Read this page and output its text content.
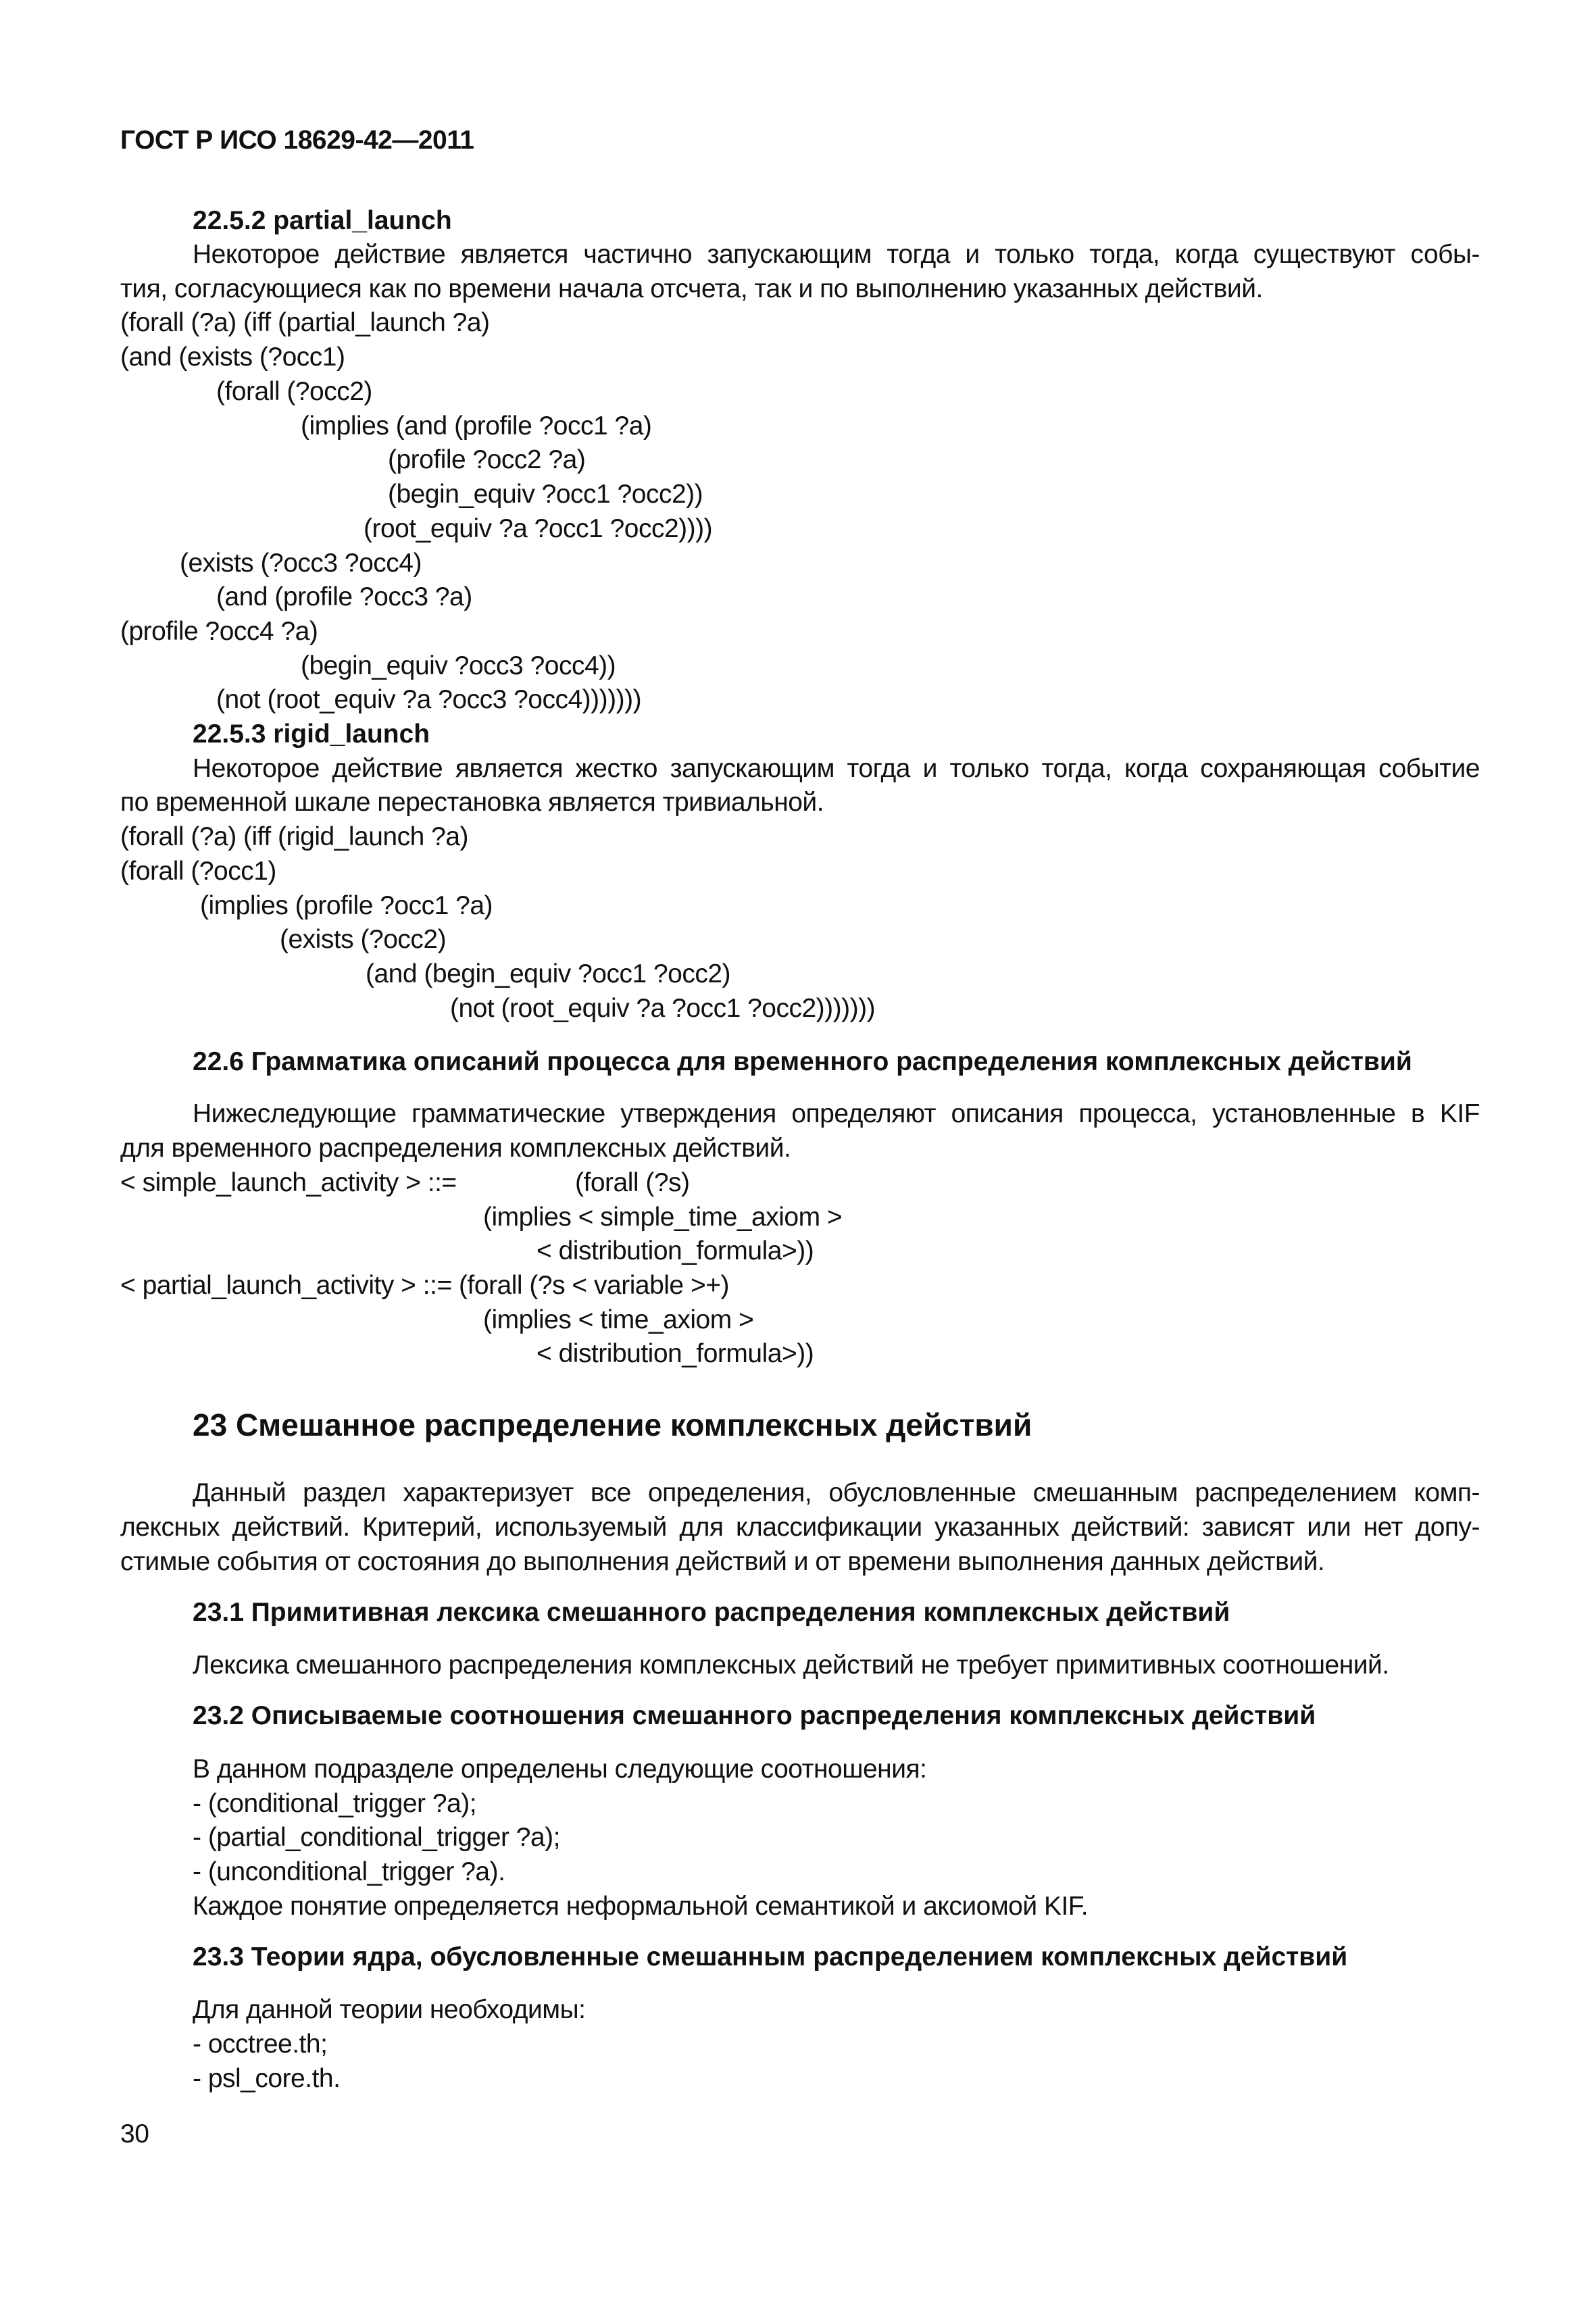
ГОСТ Р ИСО 18629-42—2011
22.5.2 partial_launch
Некоторое действие является частично запускающим тогда и только тогда, когда существуют собы-
тия, согласующиеся как по времени начала отсчета, так и по выполнению указанных действий.
(forall (?a) (iff (partial_launch ?a)
(and (exists (?occ1)
(forall (?occ2)
(implies (and (profile ?occ1 ?a)
(profile ?occ2 ?a)
(begin_equiv ?occ1 ?occ2))
(root_equiv ?a ?occ1 ?occ2))))
(exists (?occ3 ?occ4)
(and (profile ?occ3 ?a)
(profile ?occ4 ?a)
(begin_equiv ?occ3 ?occ4))
(not (root_equiv ?a ?occ3 ?occ4)))))))
22.5.3 rigid_launch
Некоторое действие является жестко запускающим тогда и только тогда, когда сохраняющая событие
по временной шкале перестановка является тривиальной.
(forall (?a) (iff (rigid_launch ?a)
(forall (?occ1)
(implies (profile ?occ1 ?a)
(exists (?occ2)
(and (begin_equiv ?occ1 ?occ2)
(not (root_equiv ?a ?occ1 ?occ2)))))))
22.6 Грамматика описаний процесса для временного распределения комплексных действий
Нижеследующие грамматические утверждения определяют описания процесса, установленные в KIF
для временного распределения комплексных действий.
< simple_launch_activity > ::=	(forall (?s)
(implies < simple_time_axiom >
< distribution_formula>))
< partial_launch_activity > ::= (forall (?s < variable >+)
(implies < time_axiom >
< distribution_formula>))
23 Смешанное распределение комплексных действий
Данный раздел характеризует все определения, обусловленные смешанным распределением комп-
лексных действий. Критерий, используемый для классификации указанных действий: зависят или нет допу-
стимые события от состояния до выполнения действий и от времени выполнения данных действий.
23.1 Примитивная лексика смешанного распределения комплексных действий
Лексика смешанного распределения комплексных действий не требует примитивных соотношений.
23.2 Описываемые соотношения смешанного распределения комплексных действий
В данном подразделе определены следующие соотношения:
- (conditional_trigger ?a);
- (partial_conditional_trigger ?a);
- (unconditional_trigger ?a).
Каждое понятие определяется неформальной семантикой и аксиомой KIF.
23.3 Теории ядра, обусловленные смешанным распределением комплексных действий
Для данной теории необходимы:
- occtree.th;
- psl_core.th.
30
